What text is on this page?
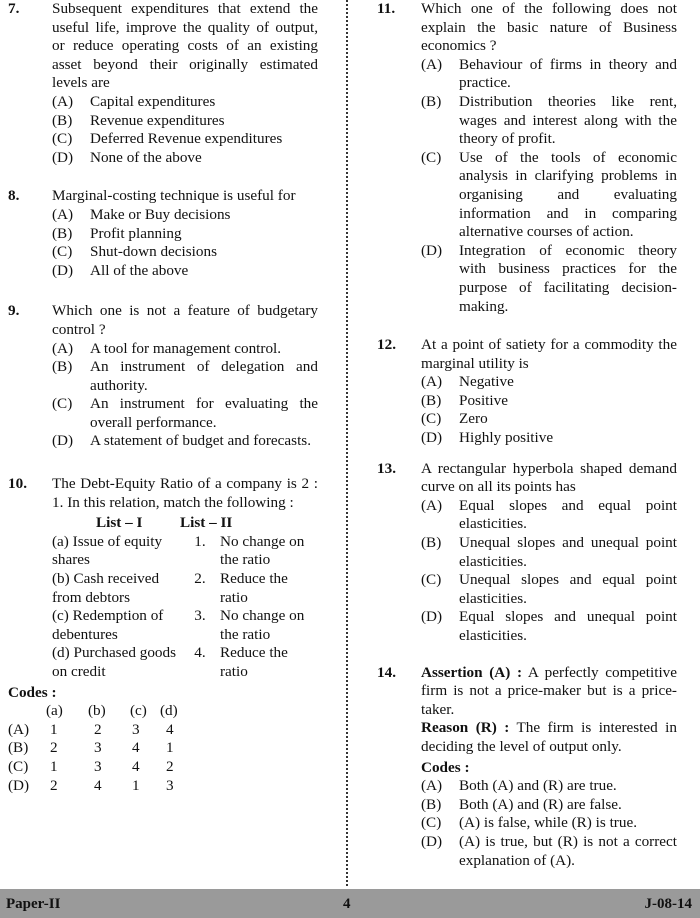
7. Subsequent expenditures that extend the useful life, improve the quality of output, or reduce operating costs of an existing asset beyond their originally estimated levels are
(A)	Capital expenditures
(B)	Revenue expenditures
(C)	Deferred Revenue expenditures
(D)	None of the above
8. Marginal-costing technique is useful for
(A)	Make or Buy decisions
(B)	Profit planning
(C)	Shut-down decisions
(D)	All of the above
9. Which one is not a feature of budgetary control ?
(A)	A tool for management control.
(B)	An instrument of delegation and authority.
(C)	An instrument for evaluating the overall performance.
(D)	A statement of budget and forecasts.
10. The Debt-Equity Ratio of a company is 2 : 1. In this relation, match the following :
List – I	List – II
(a) Issue of equity shares
1. No change on the ratio
(b) Cash received from debtors
2. Reduce the ratio
(c) Redemption of debentures
3. No change on the ratio
(d) Purchased goods on credit
4. Reduce the ratio
Codes :
(a)	(b)	(c) (d)
(A)	1	2	3	4
(B)	2	3	4	1
(C)	1	3	4	2
(D)	2	4	1	3
11. Which one of the following does not explain the basic nature of Business economics ?
(A)	Behaviour of firms in theory and practice.
(B)	Distribution theories like rent, wages and interest along with the theory of profit.
(C)	Use of the tools of economic analysis in clarifying problems in organising and evaluating information and in comparing alternative courses of action.
(D)	Integration of economic theory with business practices for the purpose of facilitating decision-making.
12. At a point of satiety for a commodity the marginal utility is
(A)	Negative
(B)	Positive
(C)	Zero
(D)	Highly positive
13. A rectangular hyperbola shaped demand curve on all its points has
(A)	Equal slopes and equal point elasticities.
(B)	Unequal slopes and unequal point elasticities.
(C)	Unequal slopes and equal point elasticities.
(D)	Equal slopes and unequal point elasticities.
14. Assertion (A) : A perfectly competitive firm is not a price-maker but is a price-taker.
Reason (R) : The firm is interested in deciding the level of output only.
Codes :
(A)	Both (A) and (R) are true.
(B)	Both (A) and (R) are false.
(C)	(A) is false, while (R) is true.
(D)	(A) is true, but (R) is not a correct explanation of (A).
Paper-II	4	J-08-14
